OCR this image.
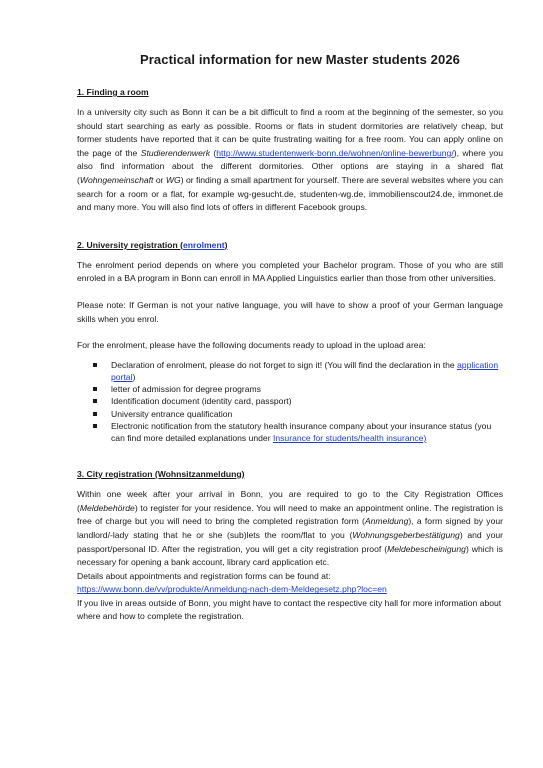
Practical information for new Master students 2026
1. Finding a room

In a university city such as Bonn it can be a bit difficult to find a room at the beginning of the semester, so you should start searching as early as possible. Rooms or flats in student dormitories are relatively cheap, but former students have reported that it can be quite frustrating waiting for a free room. You can apply online on the page of the Studierendenwerk (http://www.studentenwerk-bonn.de/wohnen/online-bewerbung/), where you also find information about the different dormitories. Other options are staying in a shared flat (Wohngemeinschaft or WG) or finding a small apartment for yourself. There are several websites where you can search for a room or a flat, for example wg-gesucht.de, studenten-wg.de, immobilienscout24.de, immonet.de and many more. You will also find lots of offers in different Facebook groups.

2. University registration (enrolment)

The enrolment period depends on where you completed your Bachelor program. Those of you who are still enroled in a BA program in Bonn can enroll in MA Applied Linguistics earlier than those from other universities.

Please note: If German is not your native language, you will have to show a proof of your German language skills when you enrol.

For the enrolment, please have the following documents ready to upload in the upload area:

Declaration of enrolment, please do not forget to sign it! (You will find the declaration in the application portal)
letter of admission for degree programs
Identification document (identity card, passport)
University entrance qualification
Electronic notification from the statutory health insurance company about your insurance status (you can find more detailed explanations under Insurance for students/health insurance)
3. City registration (Wohnsitzanmeldung)

Within one week after your arrival in Bonn, you are required to go to the City Registration Offices (Meldebehörde) to register for your residence. You will need to make an appointment online. The registration is free of charge but you will need to bring the completed registration form (Anmeldung), a form signed by your landlord/-lady stating that he or she (sub)lets the room/flat to you (Wohnungsgeberbestätigung) and your passport/personal ID. After the registration, you will get a city registration proof (Meldebescheinigung) which is necessary for opening a bank account, library card application etc.

Details about appointments and registration forms can be found at:

https://www.bonn.de/vv/produkte/Anmeldung-nach-dem-Meldegesetz.php?loc=en

If you live in areas outside of Bonn, you might have to contact the respective city hall for more information about where and how to complete the registration.
